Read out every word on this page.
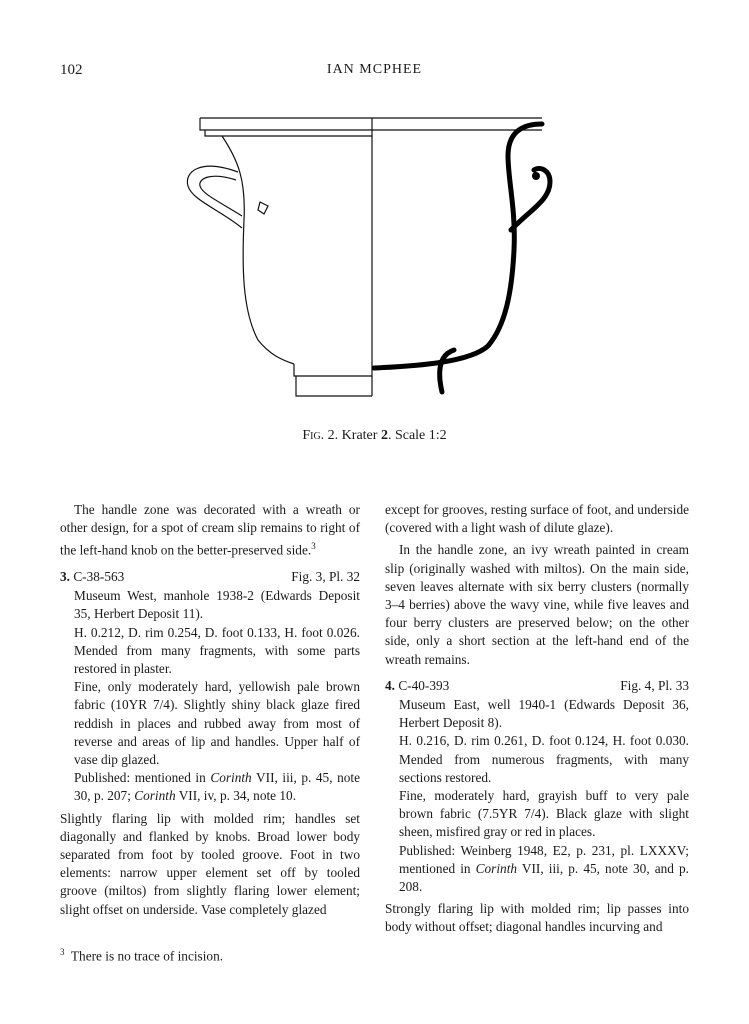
102	IAN MCPHEE
Fig. 2. Krater 2. Scale 1:2

The handle zone was decorated with a wreath or other design, for a spot of cream slip remains to right of the left-hand knob on the better-preserved side.$^3$

3. C-38-563	Fig. 3, Pl. 32

Museum West, manhole 1938-2 (Edwards Deposit 35, Herbert Deposit 11).

H. 0.212, D. rim 0.254, D. foot 0.133, H. foot 0.026. Mended from many fragments, with some parts restored in plaster.

Fine, only moderately hard, yellowish pale brown fabric (10YR 7/4). Slightly shiny black glaze fired reddish in places and rubbed away from most of reverse and areas of lip and handles. Upper half of vase dip glazed.

Published: mentioned in Corinth VII, iii, p. 45, note 30, p. 207; Corinth VII, iv, p. 34, note 10.

Slightly flaring lip with molded rim; handles set diagonally and flanked by knobs. Broad lower body separated from foot by tooled groove. Foot in two elements: narrow upper element set off by tooled groove (miltos) from slightly flaring lower element; slight offset on underside. Vase completely glazed

except for grooves, resting surface of foot, and underside (covered with a light wash of dilute glaze).

In the handle zone, an ivy wreath painted in cream slip (originally washed with miltos). On the main side, seven leaves alternate with six berry clusters (normally 3–4 berries) above the wavy vine, while five leaves and four berry clusters are preserved below; on the other side, only a short section at the left-hand end of the wreath remains.

4. C-40-393	Fig. 4, Pl. 33

Museum East, well 1940-1 (Edwards Deposit 36, Herbert Deposit 8).

H. 0.216, D. rim 0.261, D. foot 0.124, H. foot 0.030. Mended from numerous fragments, with many sections restored.

Fine, moderately hard, grayish buff to very pale brown fabric (7.5YR 7/4). Black glaze with slight sheen, misfired gray or red in places.

Published: Weinberg 1948, E2, p. 231, pl. LXXXV; mentioned in Corinth VII, iii, p. 45, note 30, and p. 208.

Strongly flaring lip with molded rim; lip passes into body without offset; diagonal handles incurving and

$^3$ There is no trace of incision.
